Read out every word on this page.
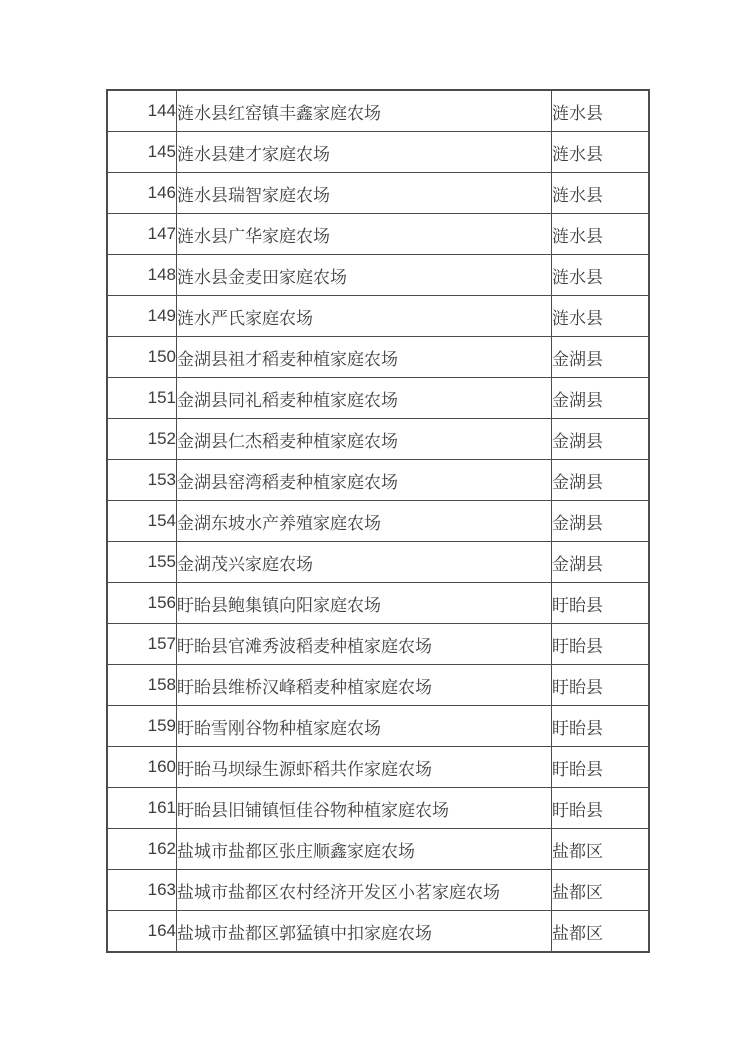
144	涟水县红窑镇丰鑫家庭农场	涟水县
145	涟水县建才家庭农场	涟水县
146	涟水县瑞智家庭农场	涟水县
147	涟水县广华家庭农场	涟水县
148	涟水县金麦田家庭农场	涟水县
149	涟水严氏家庭农场	涟水县
150	金湖县祖才稻麦种植家庭农场	金湖县
151	金湖县同礼稻麦种植家庭农场	金湖县
152	金湖县仁杰稻麦种植家庭农场	金湖县
153	金湖县窑湾稻麦种植家庭农场	金湖县
154	金湖东坡水产养殖家庭农场	金湖县
155	金湖茂兴家庭农场	金湖县
156	盱眙县鲍集镇向阳家庭农场	盱眙县
157	盱眙县官滩秀波稻麦种植家庭农场	盱眙县
158	盱眙县维桥汉峰稻麦种植家庭农场	盱眙县
159	盱眙雪刚谷物种植家庭农场	盱眙县
160	盱眙马坝绿生源虾稻共作家庭农场	盱眙县
161	盱眙县旧铺镇恒佳谷物种植家庭农场	盱眙县
162	盐城市盐都区张庄顺鑫家庭农场	盐都区
163	盐城市盐都区农村经济开发区小茗家庭农场	盐都区
164	盐城市盐都区郭猛镇中扣家庭农场	盐都区
